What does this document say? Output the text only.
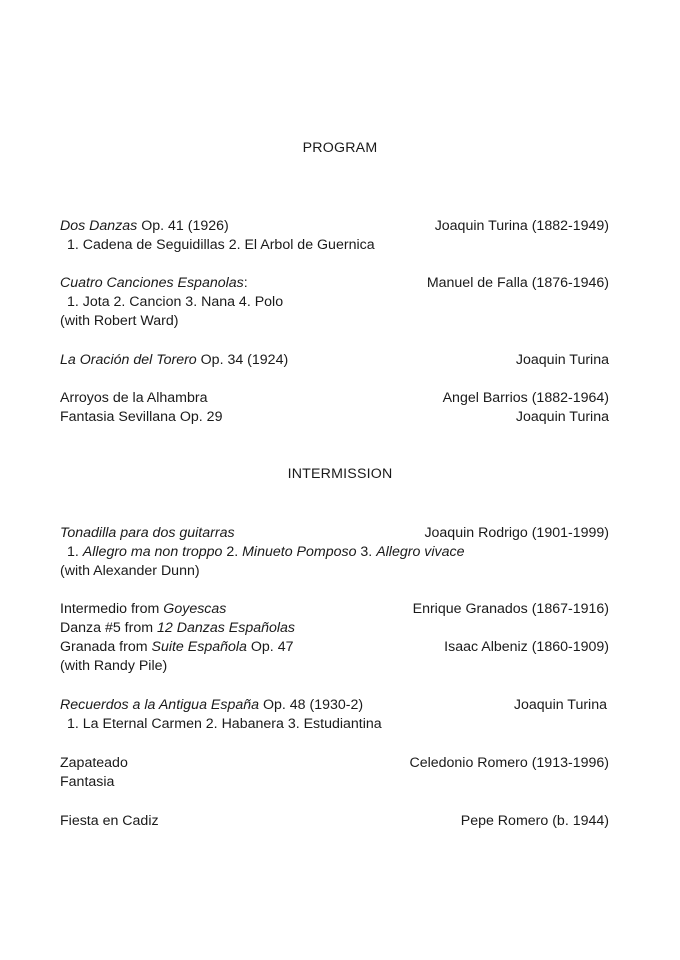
PROGRAM
Dos Danzas Op. 41 (1926)	Joaquin Turina (1882-1949)
1. Cadena de Seguidillas 2. El Arbol de Guernica
Cuatro Canciones Espanolas:	Manuel de Falla (1876-1946)
1. Jota 2. Cancion 3. Nana 4. Polo
(with Robert Ward)
La Oración del Torero Op. 34 (1924)	Joaquin Turina
Arroyos de la Alhambra	Angel Barrios (1882-1964)
Fantasia Sevillana Op. 29	Joaquin Turina
INTERMISSION
Tonadilla para dos guitarras	Joaquin Rodrigo (1901-1999)
1. Allegro ma non troppo 2. Minueto Pomposo 3. Allegro vivace
(with Alexander Dunn)
Intermedio from Goyescas	Enrique Granados (1867-1916)
Danza #5 from 12 Danzas Españolas
Granada from Suite Española Op. 47	Isaac Albeniz (1860-1909)
(with Randy Pile)
Recuerdos a la Antigua España Op. 48 (1930-2)	Joaquin Turina
1. La Eternal Carmen 2. Habanera 3. Estudiantina
Zapateado	Celedonio Romero (1913-1996)
Fantasia
Fiesta en Cadiz	Pepe Romero (b. 1944)
